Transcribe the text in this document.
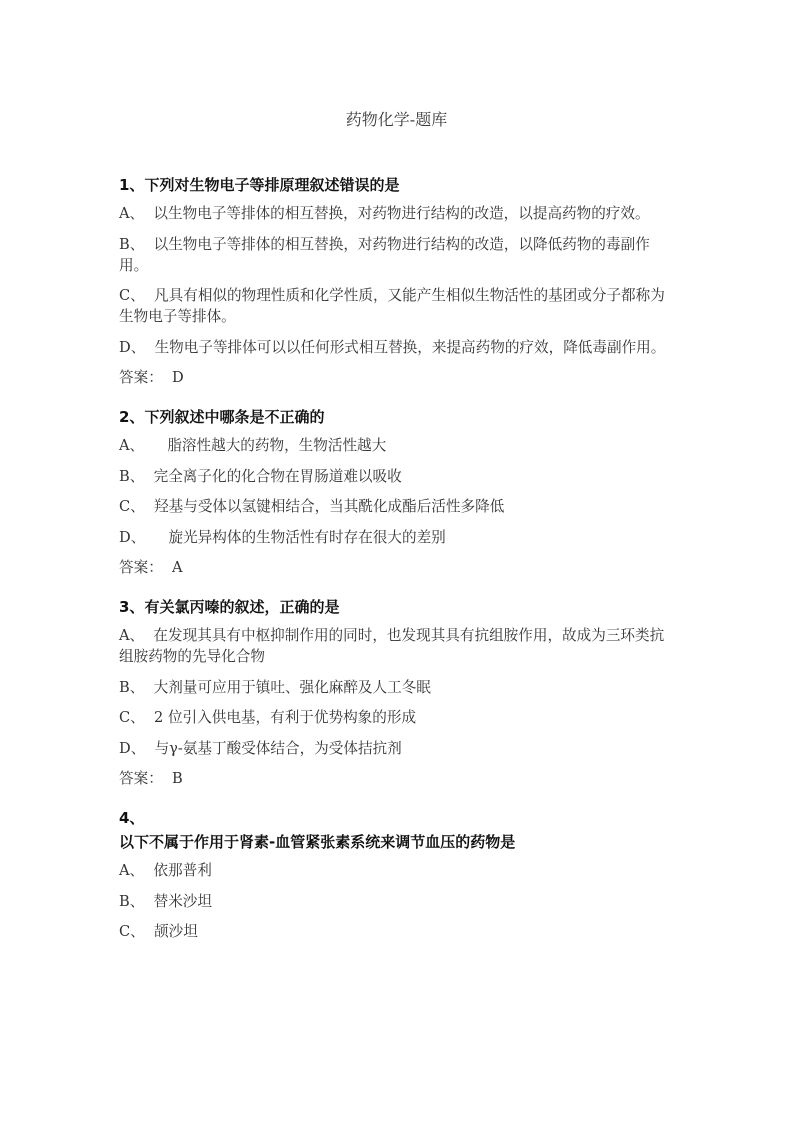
药物化学-题库
1、下列对生物电子等排原理叙述错误的是

A、  以生物电子等排体的相互替换，对药物进行结构的改造，以提高药物的疗效。

B、  以生物电子等排体的相互替换，对药物进行结构的改造，以降低药物的毒副作用。

C、  凡具有相似的物理性质和化学性质，又能产生相似生物活性的基团或分子都称为生物电子等排体。

D、  生物电子等排体可以以任何形式相互替换，来提高药物的疗效，降低毒副作用。

答案：  D

2、下列叙述中哪条是不正确的

A、     脂溶性越大的药物，生物活性越大

B、  完全离子化的化合物在胃肠道难以吸收

C、  羟基与受体以氢键相结合，当其酰化成酯后活性多降低

D、     旋光异构体的生物活性有时存在很大的差别

答案：  A

3、有关氯丙嗪的叙述，正确的是

A、  在发现其具有中枢抑制作用的同时，也发现其具有抗组胺作用，故成为三环类抗组胺药物的先导化合物

B、  大剂量可应用于镇吐、强化麻醉及人工冬眠

C、  2 位引入供电基，有利于优势构象的形成

D、  与γ-氨基丁酸受体结合，为受体拮抗剂

答案：  B

4、
以下不属于作用于肾素-血管紧张素系统来调节血压的药物是

A、  依那普利

B、  替米沙坦

C、  颉沙坦
